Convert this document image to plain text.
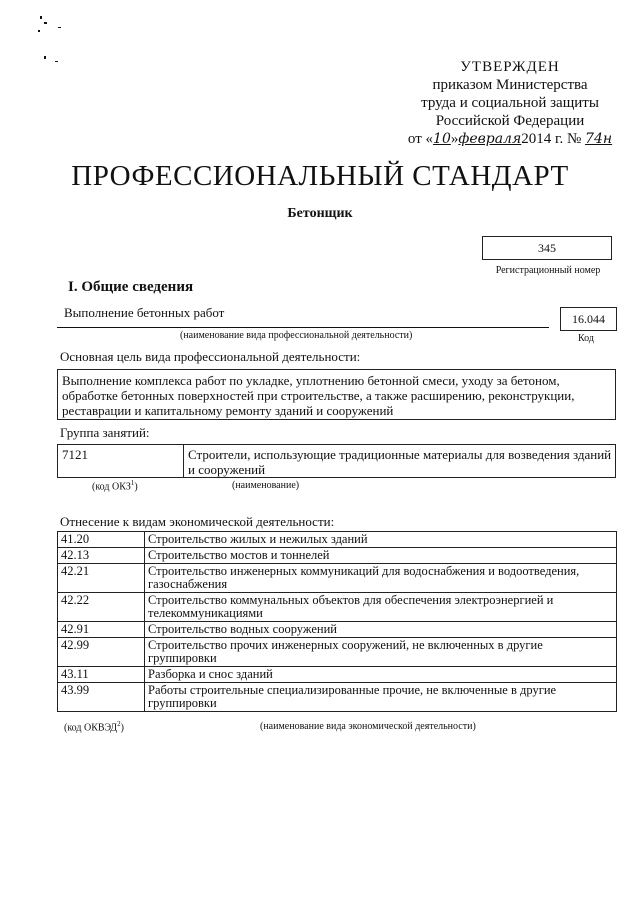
УТВЕРЖДЕН
приказом Министерства
труда и социальной защиты
Российской Федерации
от «10»февраля2014 г. № 74н
ПРОФЕССИОНАЛЬНЫЙ СТАНДАРТ
Бетонщик
345
Регистрационный номер
I. Общие сведения
Выполнение бетонных работ
(наименование вида профессиональной деятельности)
16.044
Код
Основная цель вида профессиональной деятельности:
Выполнение комплекса работ по укладке, уплотнению бетонной смеси, уходу за бетоном,
обработке бетонных поверхностей при строительстве, а также расширению, реконструкции,
реставрации и капитальному ремонту зданий и сооружений
Группа занятий:
7121	Строители, использующие традиционные материалы для возведения зданий
и сооружений
(код ОКЗ$^1$)	(наименование)
Отнесение к видам экономической деятельности:
41.20	Строительство жилых и нежилых зданий
42.13	Строительство мостов и тоннелей
42.21	Строительство инженерных коммуникаций для водоснабжения и водоотведения, газоснабжения
42.22	Строительство коммунальных объектов для обеспечения электроэнергией и телекоммуникациями
42.91	Строительство водных сооружений
42.99	Строительство прочих инженерных сооружений, не включенных в другие группировки
43.11	Разборка и снос зданий
43.99	Работы строительные специализированные прочие, не включенные в другие группировки
(код ОКВЭД$^2$)	(наименование вида экономической деятельности)
